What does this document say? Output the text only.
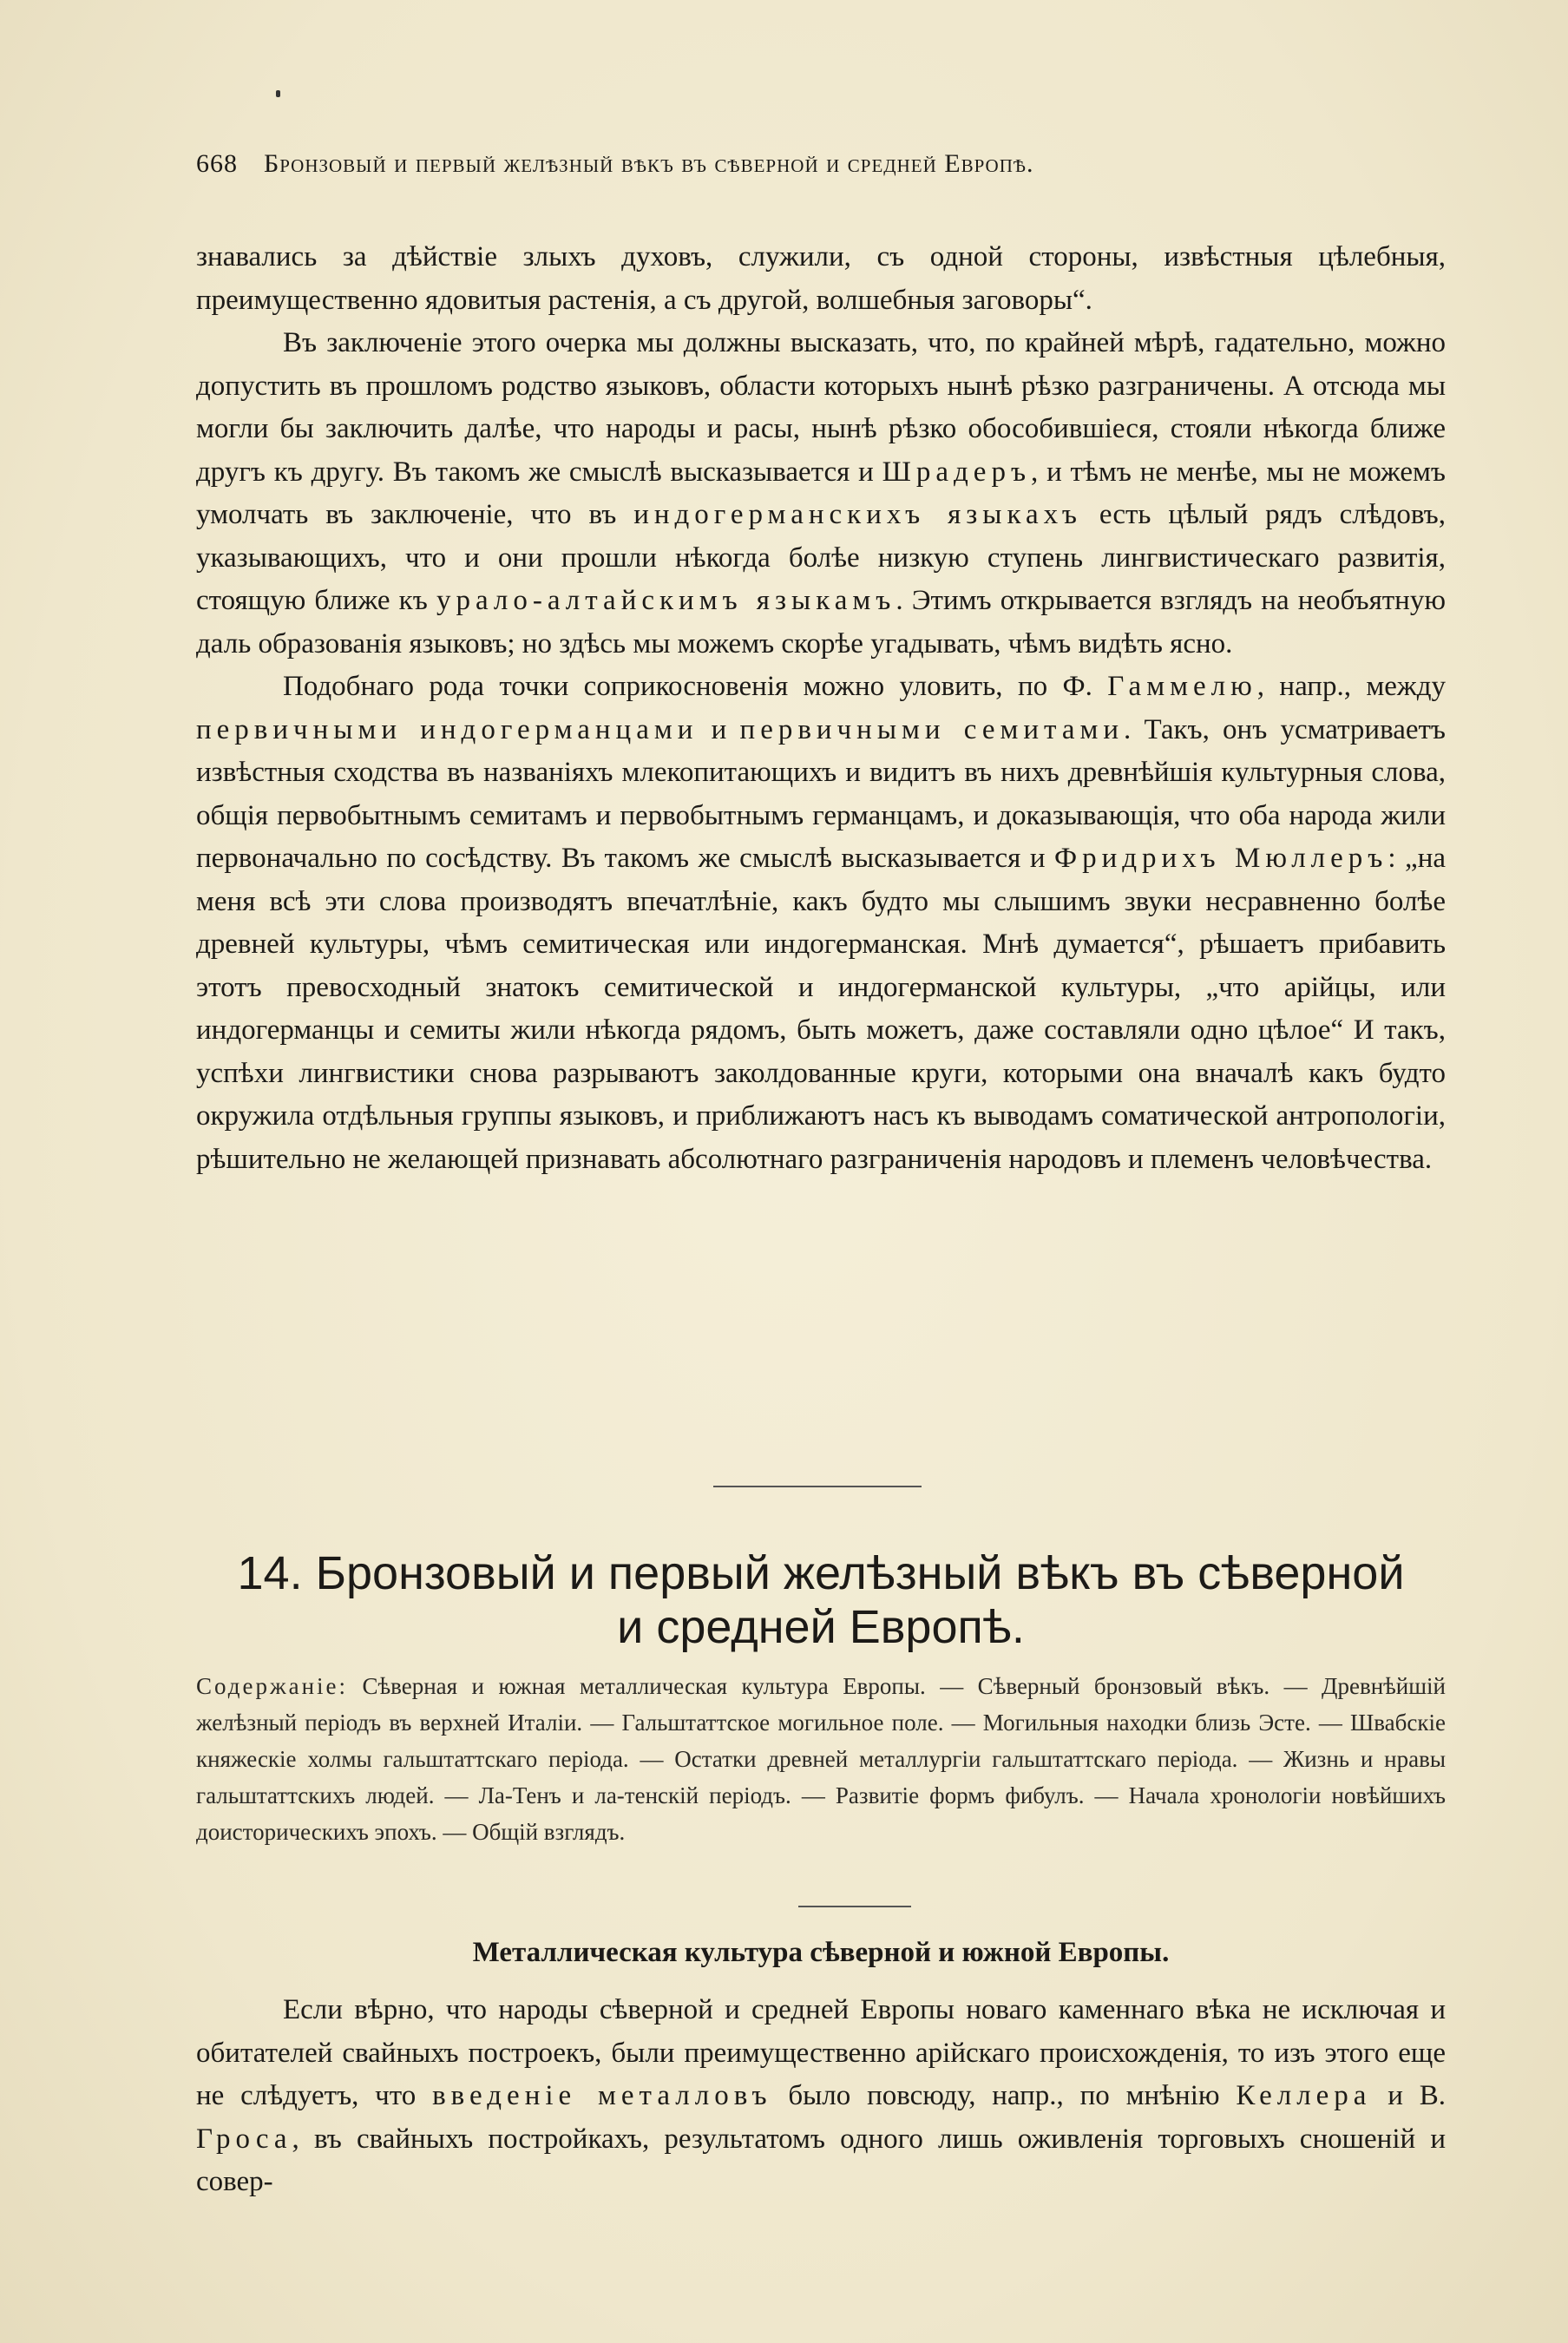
668 Бронзовый и первый желѣзный вѣкъ въ сѣверной и средней Европѣ.

знавались за дѣйствіе злыхъ духовъ, служили, съ одной стороны, извѣстныя цѣлебныя, преимущественно ядовитыя растенія, а съ другой, волшебныя заговоры“.

Въ заключеніе этого очерка мы должны высказать, что, по крайней мѣрѣ, гадательно, можно допустить въ прошломъ родство языковъ, области которыхъ нынѣ рѣзко разграничены. А отсюда мы могли бы заключить далѣе, что народы и расы, нынѣ рѣзко обособившіеся, стояли нѣкогда ближе другъ къ другу. Въ такомъ же смыслѣ высказывается и Шрадеръ, и тѣмъ не менѣе, мы не можемъ умолчать въ заключеніе, что въ индогерманскихъ языкахъ есть цѣлый рядъ слѣдовъ, указывающихъ, что и они прошли нѣкогда болѣе низкую ступень лингвистическаго развитія, стоящую ближе къ урало-алтайскимъ языкамъ. Этимъ открывается взглядъ на необъятную даль образованія языковъ; но здѣсь мы можемъ скорѣе угадывать, чѣмъ видѣть ясно.

Подобнаго рода точки соприкосновенія можно уловить, по Ф. Гаммелю, напр., между первичными индогерманцами и первичными семитами. Такъ, онъ усматриваетъ извѣстныя сходства въ названіяхъ млекопитающихъ и видитъ въ нихъ древнѣйшія культурныя слова, общія первобытнымъ семитамъ и первобытнымъ германцамъ, и доказывающія, что оба народа жили первоначально по сосѣдству. Въ такомъ же смыслѣ высказывается и Фридрихъ Мюллеръ: „на меня всѣ эти слова производятъ впечатлѣніе, какъ будто мы слышимъ звуки несравненно болѣе древней культуры, чѣмъ семитическая или индогерманская. Мнѣ думается“, рѣшаетъ прибавить этотъ превосходный знатокъ семитической и индогерманской культуры, „что арійцы, или индогерманцы и семиты жили нѣкогда рядомъ, быть можетъ, даже составляли одно цѣлое“ И такъ, успѣхи лингвистики снова разрываютъ заколдованные круги, которыми она вначалѣ какъ будто окружила отдѣльныя группы языковъ, и приближаютъ насъ къ выводамъ соматической антропологіи, рѣшительно не желающей признавать абсолютнаго разграниченія народовъ и племенъ человѣчества.

14. Бронзовый и первый желѣзный вѣкъ въ сѣверной
и средней Европѣ.
Содержаніе: Сѣверная и южная металлическая культура Европы. — Сѣверный бронзовый вѣкъ. — Древнѣйшій желѣзный періодъ въ верхней Италіи. — Гальштаттское могильное поле. — Могильныя находки близь Эсте. — Швабскіе княжескіе холмы гальштаттскаго періода. — Остатки древней металлургіи гальштаттскаго періода. — Жизнь и нравы гальштаттскихъ людей. — Ла-Тенъ и ла-тенскій періодъ. — Развитіе формъ фибулъ. — Начала хронологіи новѣйшихъ доисторическихъ эпохъ. — Общій взглядъ.
Металлическая культура сѣверной и южной Европы.

Если вѣрно, что народы сѣверной и средней Европы новаго каменнаго вѣка не исключая и обитателей свайныхъ построекъ, были преимущественно арійскаго происхожденія, то изъ этого еще не слѣдуетъ, что введеніе металловъ было повсюду, напр., по мнѣнію Келлера и В. Гроса, въ свайныхъ постройкахъ, результатомъ одного лишь оживленія торговыхъ сношеній и совер-
